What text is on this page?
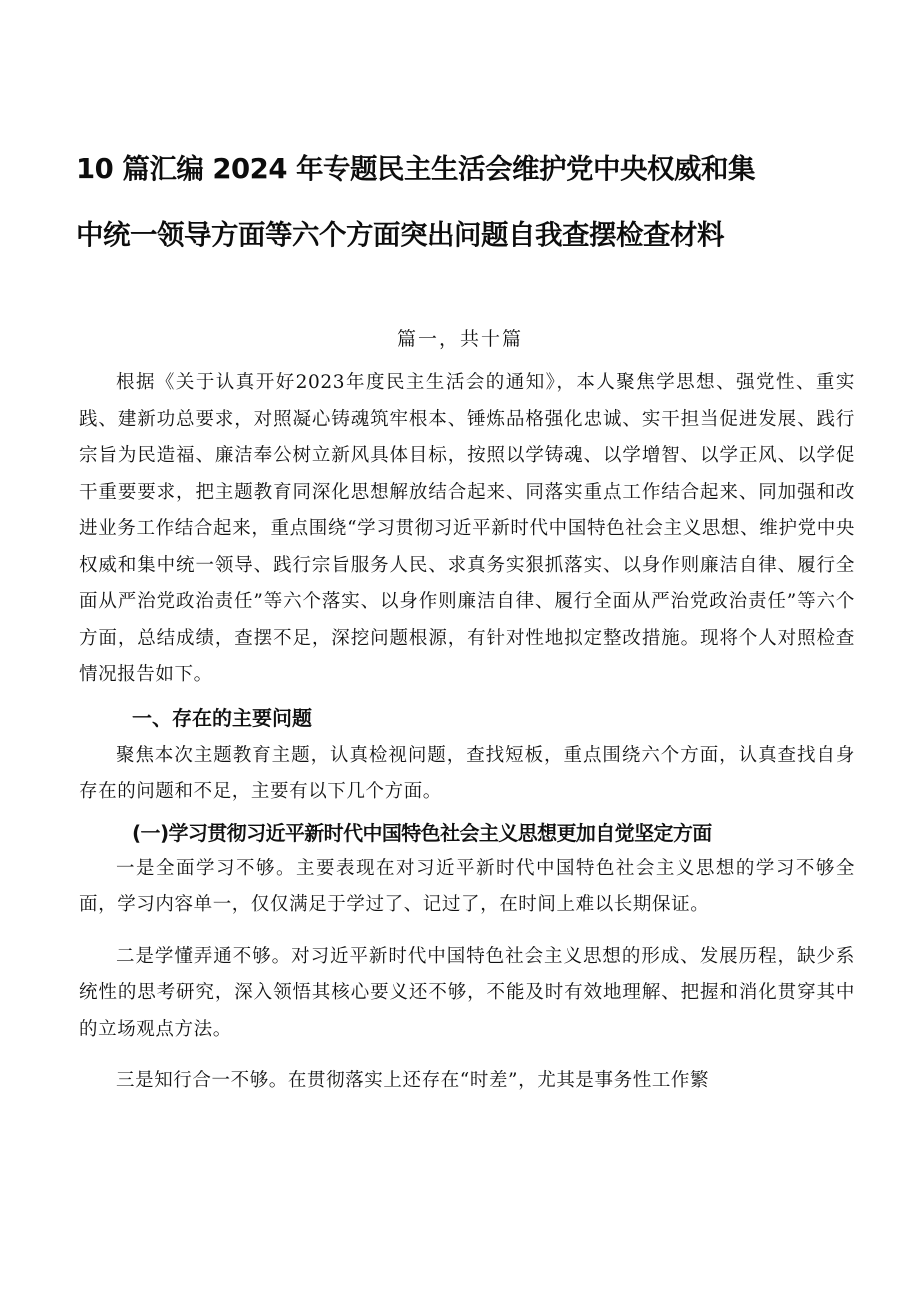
10 篇汇编 2024 年专题民主生活会维护党中央权威和集
中统一领导方面等六个方面突出问题自我查摆检查材料
篇一，共十篇

根据《关于认真开好2023年度民主生活会的通知》，本人聚焦学思想、强党性、重实践、建新功总要求，对照凝心铸魂筑牢根本、锤炼品格强化忠诚、实干担当促进发展、践行宗旨为民造福、廉洁奉公树立新风具体目标，按照以学铸魂、以学增智、以学正风、以学促干重要要求，把主题教育同深化思想解放结合起来、同落实重点工作结合起来、同加强和改进业务工作结合起来，重点围绕“学习贯彻习近平新时代中国特色社会主义思想、维护党中央权威和集中统一领导、践行宗旨服务人民、求真务实狠抓落实、以身作则廉洁自律、履行全面从严治党政治责任”等六个落实、以身作则廉洁自律、履行全面从严治党政治责任”等六个方面，总结成绩，查摆不足，深挖问题根源，有针对性地拟定整改措施。现将个人对照检查情况报告如下。

一、存在的主要问题

聚焦本次主题教育主题，认真检视问题，查找短板，重点围绕六个方面，认真查找自身存在的问题和不足，主要有以下几个方面。

(一)学习贯彻习近平新时代中国特色社会主义思想更加自觉坚定方面

一是全面学习不够。主要表现在对习近平新时代中国特色社会主义思想的学习不够全面，学习内容单一，仅仅满足于学过了、记过了，在时间上难以长期保证。

二是学懂弄通不够。对习近平新时代中国特色社会主义思想的形成、发展历程，缺少系统性的思考研究，深入领悟其核心要义还不够，不能及时有效地理解、把握和消化贯穿其中的立场观点方法。

三是知行合一不够。在贯彻落实上还存在“时差”，尤其是事务性工作繁
